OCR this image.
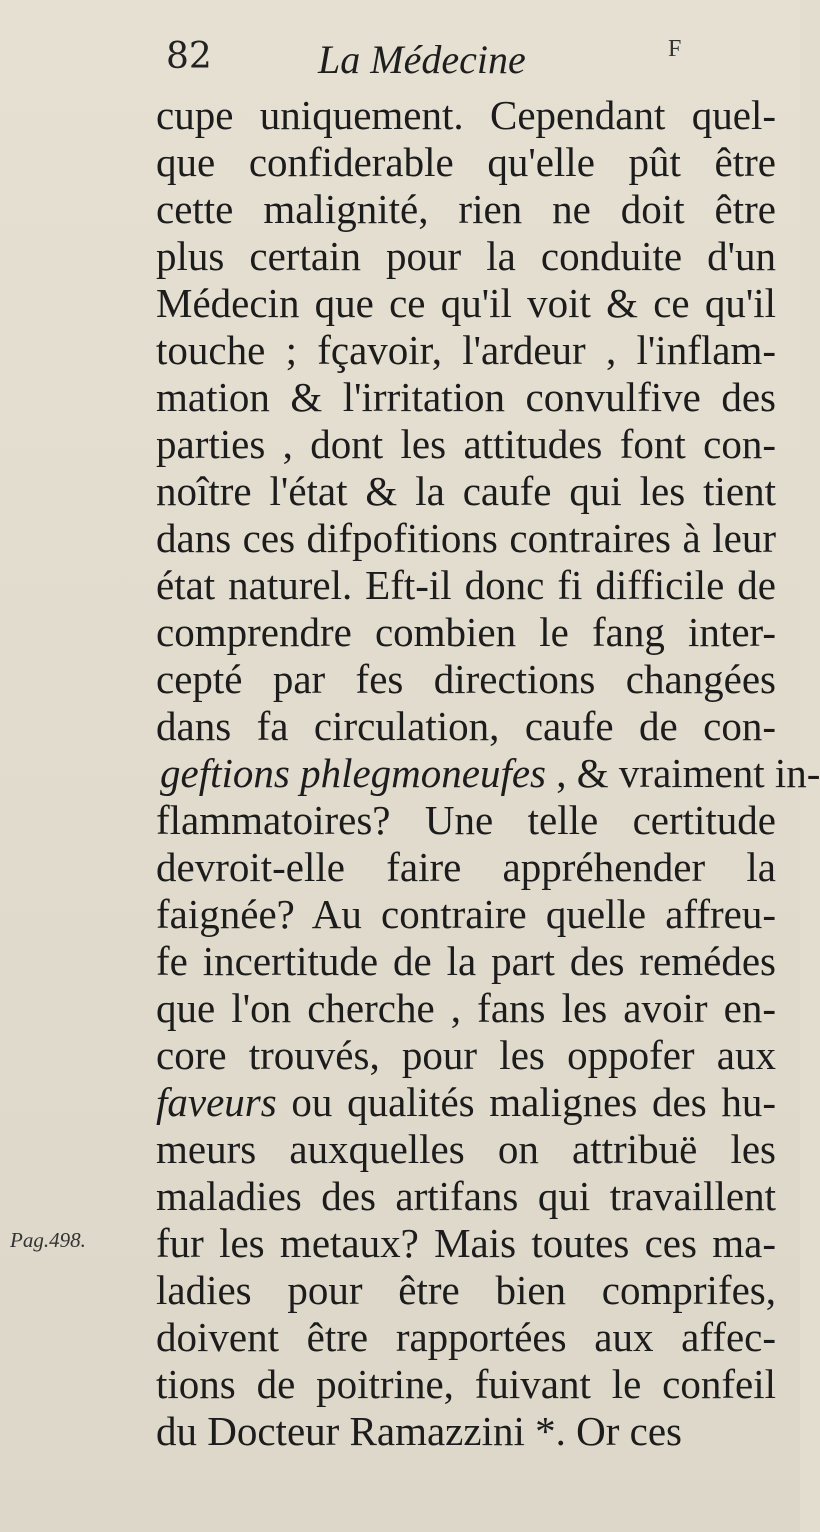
82	La Médecine	F
cupe uniquement. Cependant quel-
que confiderable qu'elle pût être
cette malignité, rien ne doit être
plus certain pour la conduite d'un
Médecin que ce qu'il voit & ce qu'il
touche ; fçavoir, l'ardeur , l'inflam-
mation & l'irritation convulfive des
parties , dont les attitudes font con-
noître l'état & la caufe qui les tient
dans ces difpofitions contraires à leur
état naturel. Eft-il donc fi difficile de
comprendre combien le fang inter-
cepté par fes directions changées
dans fa circulation, caufe de con-
geftions phlegmoneufes , & vraiment in-
flammatoires? Une telle certitude
devroit-elle faire appréhender la
faignée? Au contraire quelle affreu-
fe incertitude de la part des remédes
que l'on cherche , fans les avoir en-
core trouvés, pour les oppofer aux
faveurs ou qualités malignes des hu-
meurs auxquelles on attribuë les
maladies des artifans qui travaillent
fur les metaux? Mais toutes ces ma-
ladies pour être bien comprifes,
doivent être rapportées aux affec-
tions de poitrine, fuivant le confeil
du Docteur Ramazzini *. Or ces
Pag.498.
